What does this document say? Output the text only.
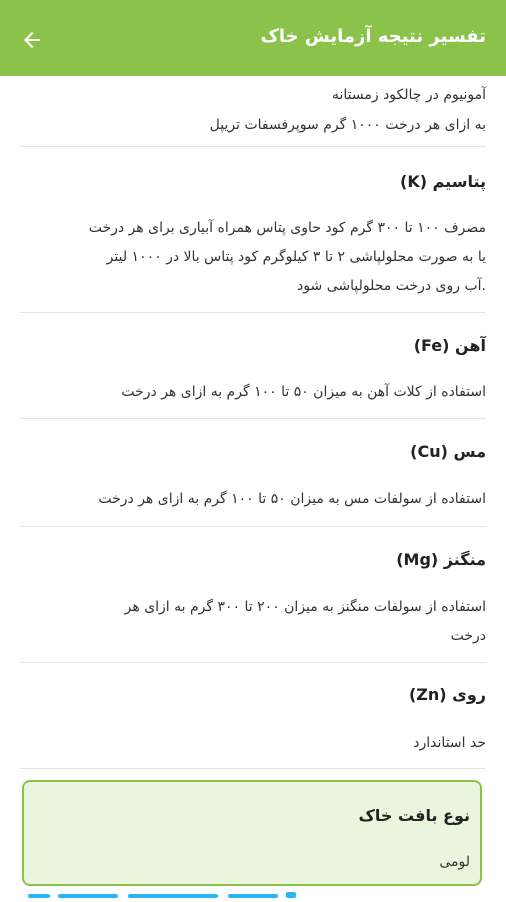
تفسیر نتیجه آزمایش خاک
آمونیوم در چالکود زمستانه
به ازای هر درخت ۱۰۰۰ گرم سوپرفسفات تریپل
پتاسیم (K)
مصرف ۱۰۰ تا ۳۰۰ گرم کود حاوی پتاس همراه آبیاری برای هر درخت
یا به صورت محلولپاشی ۲ تا ۳ کیلوگرم کود پتاس بالا در ۱۰۰۰ لیتر
.آب روی درخت محلولپاشی شود
آهن (Fe)
استفاده از کلات آهن به میزان ۵۰ تا ۱۰۰ گرم به ازای هر درخت
مس (Cu)
استفاده از سولفات مس به میزان ۵۰ تا ۱۰۰ گرم به ازای هر درخت
منگنز (Mg)
استفاده از سولفات منگنز به میزان ۲۰۰ تا ۳۰۰ گرم به ازای هر
درخت
روی (Zn)
حد استاندارد
نوع بافت خاک
لومی
